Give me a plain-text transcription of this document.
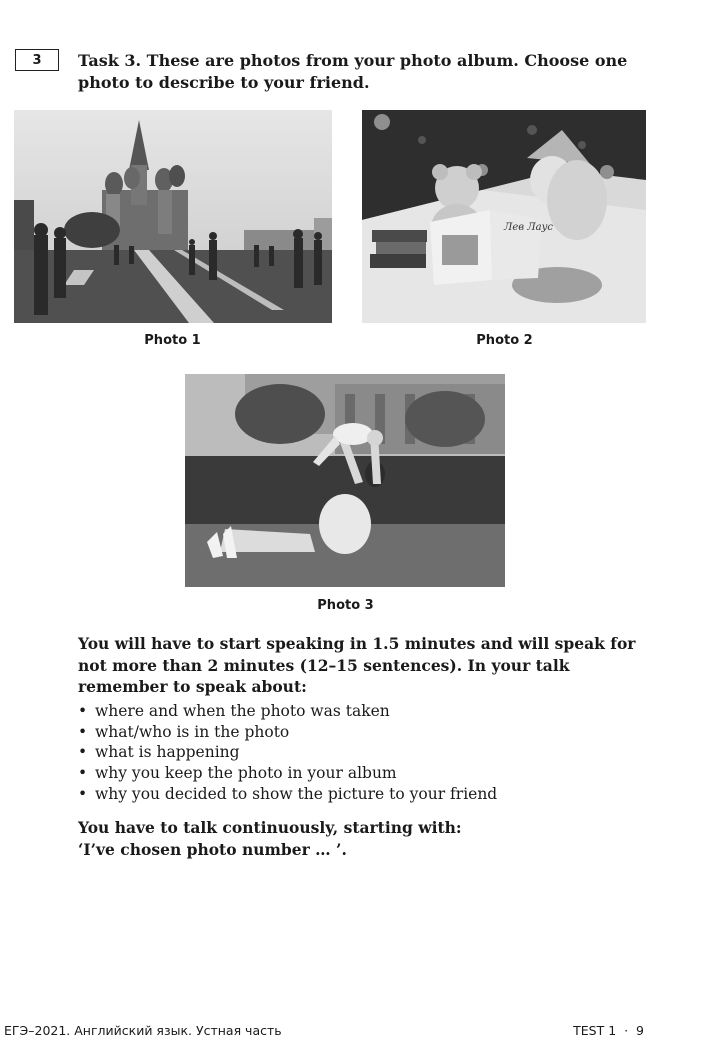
3 Task 3. These are photos from your photo album. Choose one photo to describe to your friend.
Photo 1
Лев Лаус
Photo 2
Photo 3
You will have to start speaking in 1.5 minutes and will speak for not more than 2 minutes (12–15 sentences). In your talk remember to speak about:
• where and when the photo was taken
• what/who is in the photo
• what is happening
• why you keep the photo in your album
• why you decided to show the picture to your friend
You have to talk continuously, starting with:
‘I’ve chosen photo number … ’.
ЕГЭ–2021. Английский язык. Устная часть	TEST 1  ·  9
